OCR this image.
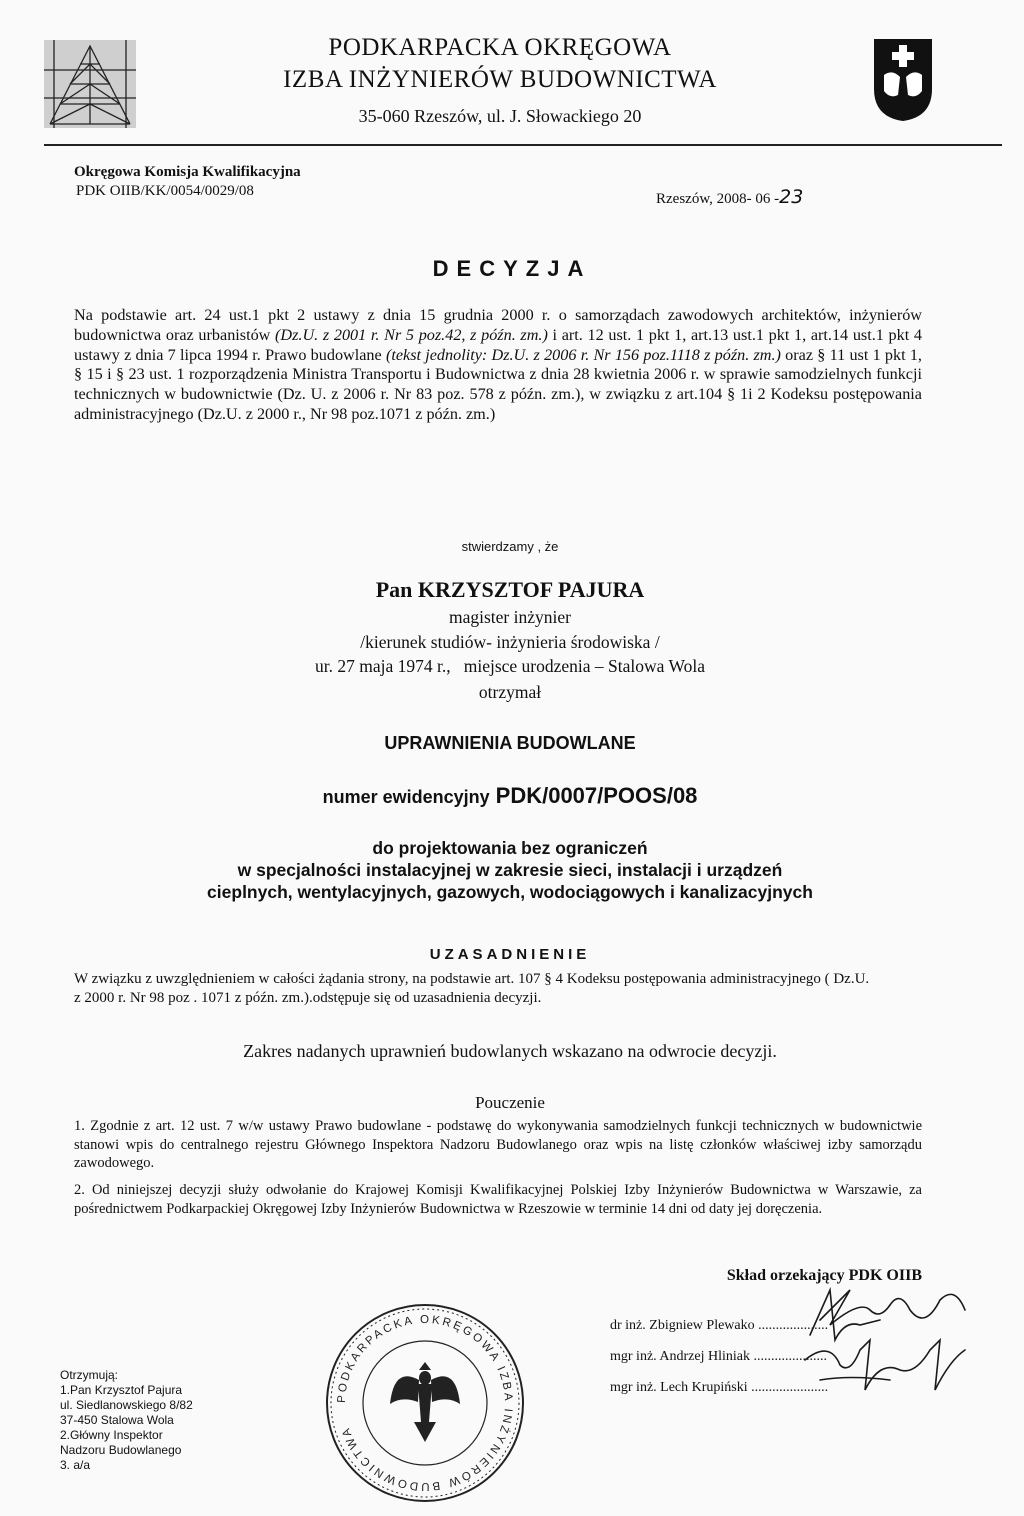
PODKARPACKA OKRĘGOWA
IZBA INŻYNIERÓW BUDOWNICTWA
35-060 Rzeszów, ul. J. Słowackiego 20
Okręgowa Komisja Kwalifikacyjna
PDK OIIB/KK/0054/0029/08	Rzeszów, 2008- 06 -23
DECYZJA
Na podstawie art. 24 ust.1 pkt 2 ustawy z dnia 15 grudnia 2000 r. o samorządach zawodowych architektów, inżynierów budownictwa oraz urbanistów (Dz.U. z 2001 r. Nr 5 poz.42, z późn. zm.) i art. 12 ust. 1 pkt 1, art.13 ust.1 pkt 1, art.14 ust.1 pkt 4 ustawy z dnia 7 lipca 1994 r. Prawo budowlane (tekst jednolity: Dz.U. z 2006 r. Nr 156 poz.1118 z późn. zm.) oraz § 11 ust 1 pkt 1, § 15 i § 23 ust. 1 rozporządzenia Ministra Transportu i Budownictwa z dnia 28 kwietnia 2006 r. w sprawie samodzielnych funkcji technicznych w budownictwie (Dz. U. z 2006 r. Nr 83 poz. 578 z późn. zm.), w związku z art.104 § 1i 2 Kodeksu postępowania administracyjnego (Dz.U. z 2000 r., Nr 98 poz.1071 z późn. zm.)
stwierdzamy , że
Pan KRZYSZTOF PAJURA
magister inżynier
/kierunek studiów- inżynieria środowiska /
ur. 27 maja 1974 r.,   miejsce urodzenia – Stalowa Wola
otrzymał
UPRAWNIENIA BUDOWLANE
numer ewidencyjny PDK/0007/POOS/08
do projektowania bez ograniczeń
w specjalności instalacyjnej w zakresie sieci, instalacji i urządzeń
cieplnych, wentylacyjnych, gazowych, wodociągowych i kanalizacyjnych
UZASADNIENIE
W związku z uwzględnieniem w całości żądania strony, na podstawie art. 107 § 4 Kodeksu postępowania administracyjnego ( Dz.U. z 2000 r. Nr 98 poz . 1071 z późn. zm.).odstępuje się od uzasadnienia decyzji.
Zakres nadanych uprawnień budowlanych wskazano na odwrocie decyzji.
Pouczenie
1. Zgodnie z art. 12 ust. 7 w/w ustawy Prawo budowlane - podstawę do wykonywania samodzielnych funkcji technicznych w budownictwie stanowi wpis do centralnego rejestru Głównego Inspektora Nadzoru Budowlanego oraz wpis na listę członków właściwej izby samorządu zawodowego.
2. Od niniejszej decyzji służy odwołanie do Krajowej Komisji Kwalifikacyjnej Polskiej Izby Inżynierów Budownictwa w Warszawie, za pośrednictwem Podkarpackiej Okręgowej Izby Inżynierów Budownictwa w Rzeszowie w terminie 14 dni od daty jej doręczenia.
Skład orzekający PDK OIIB
dr inż. Zbigniew Plewako ....................
mgr inż. Andrzej Hliniak .....................
mgr inż. Lech Krupiński ......................
PODKARPACKA OKRĘGOWA IZBA INŻYNIERÓW BUDOWNICTWA
Otrzymują:
1.Pan Krzysztof Pajura
ul. Siedlanowskiego 8/82
37-450 Stalowa Wola
2.Główny Inspektor
Nadzoru Budowlanego
3. a/a
